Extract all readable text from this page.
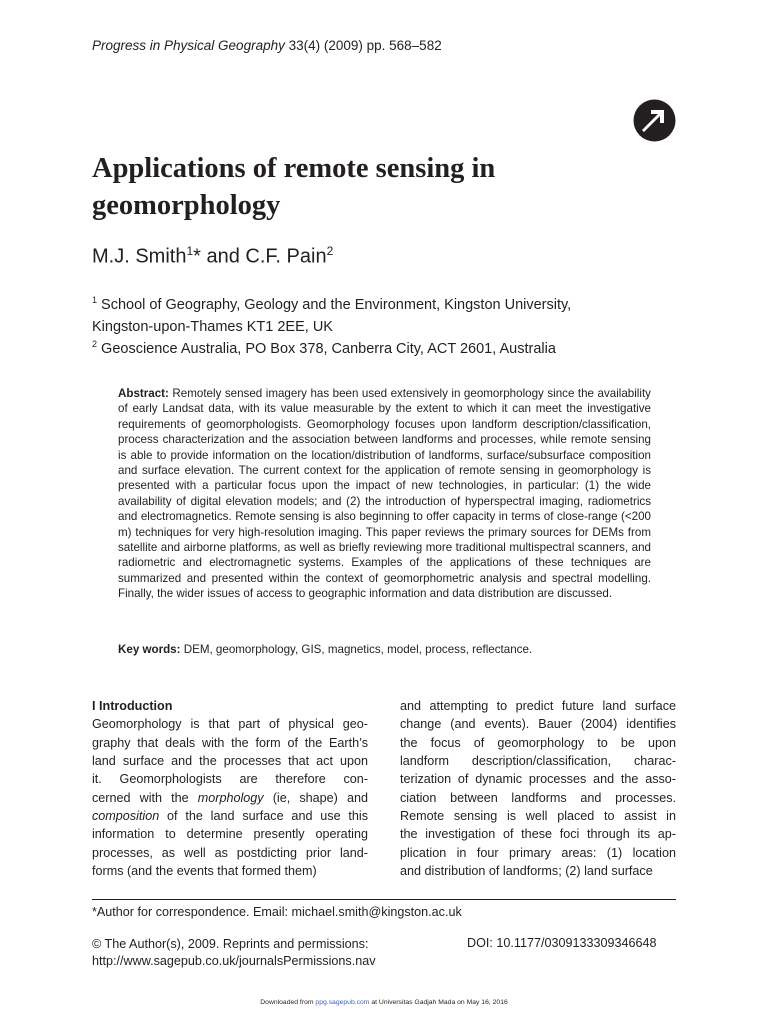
Progress in Physical Geography 33(4) (2009) pp. 568–582
Applications of remote sensing in geomorphology
M.J. Smith$^1$* and C.F. Pain$^2$
$^1$ School of Geography, Geology and the Environment, Kingston University,
Kingston-upon-Thames KT1 2EE, UK
$^2$ Geoscience Australia, PO Box 378, Canberra City, ACT 2601, Australia
Abstract: Remotely sensed imagery has been used extensively in geomorphology since the availability of early Landsat data, with its value measurable by the extent to which it can meet the investigative requirements of geomorphologists. Geomorphology focuses upon landform description/classification, process characterization and the association between landforms and processes, while remote sensing is able to provide information on the location/distribution of landforms, surface/subsurface composition and surface elevation. The current context for the application of remote sensing in geomorphology is presented with a particular focus upon the impact of new technologies, in particular: (1) the wide availability of digital elevation models; and (2) the introduction of hyperspectral imaging, radiometrics and electromagnetics. Remote sensing is also beginning to offer capacity in terms of close-range (<200 m) techniques for very high-resolution imaging. This paper reviews the primary sources for DEMs from satellite and airborne platforms, as well as briefly reviewing more traditional multispectral scanners, and radiometric and electromagnetic systems. Examples of the applications of these techniques are summarized and presented within the context of geomorphometric analysis and spectral modelling. Finally, the wider issues of access to geographic information and data distribution are discussed.
Key words: DEM, geomorphology, GIS, magnetics, model, process, reflectance.
I Introduction
Geomorphology is that part of physical geo-
graphy that deals with the form of the Earth’s
land surface and the processes that act upon
it. Geomorphologists are therefore con-
cerned with the morphology (ie, shape) and
composition of the land surface and use this
information to determine presently operating
processes, as well as postdicting prior land-
forms (and the events that formed them)
and attempting to predict future land surface
change (and events). Bauer (2004) identifies
the focus of geomorphology to be upon
landform description/classification, charac-
terization of dynamic processes and the asso-
ciation between landforms and processes.
Remote sensing is well placed to assist in
the investigation of these foci through its ap-
plication in four primary areas: (1) location
and distribution of landforms; (2) land surface
*Author for correspondence. Email: michael.smith@kingston.ac.uk
© The Author(s), 2009. Reprints and permissions:
http://www.sagepub.co.uk/journalsPermissions.nav
DOI: 10.1177/0309133309346648
Downloaded from ppg.sagepub.com at Universitas Gadjah Mada on May 16, 2016
